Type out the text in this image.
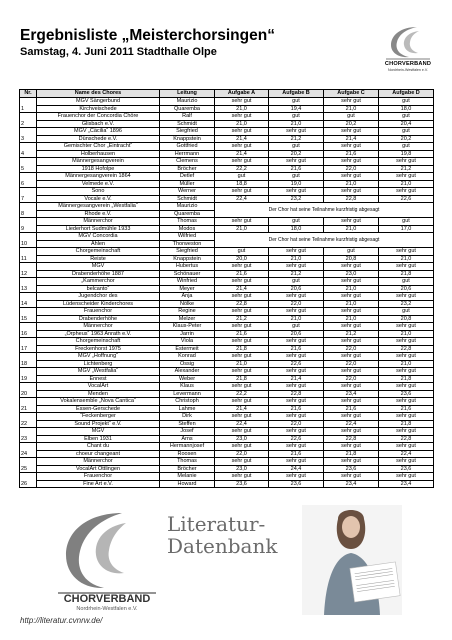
Ergebnisliste „Meisterchorsingen“
Samstag, 4. Juni 2011 Stadthalle Olpe
CHORVERBAND
Nordrhein-Westfalen e.V.
Nr.	Name des Chores	Leitung	Aufgabe A	Aufgabe B	Aufgabe C	Aufgabe D
1	MGV Sängerbund	Maurizio	sehr gut	gut	sehr gut	gut
	Kirchveischede	Quaremba	21,0	19,4	21,0	18,0
2	Frauenchor der Concordia Chöre	Ralf	sehr gut	gut	gut	gut
	Glisbach e.V.	Schmidt	21,0	21,0	20,2	20,4
3	MGV „Cäcilia“ 1896	Siegfried	sehr gut	sehr gut	sehr gut	gut
	Dünschede e.V.	Knappstein	21,4	21,2	21,4	20,2
4	Gemischter Chor „Eintracht“	Gottfried	sehr gut	gut	sehr gut	gut
	Holberhausen	Herrmann	21,4	20,2	21,6	19,8
5	Männergesangverein	Clemens	sehr gut	sehr gut	sehr gut	sehr gut
	1918 Hofolpe	Bröcher	22,2	21,6	22,0	21,2
6	Männergesangverein 1864	Detlef	gut	gut	sehr gut	sehr gut
	Velmede e.V.	Müller	18,8	19,0	21,0	21,0
7	Sono	Werner	sehr gut	sehr gut	sehr gut	sehr gut
	Vocale e.V.	Schmidt	22,4	23,2	22,8	22,6
8	Männergesangverein „Westfalia“	Maurizio	Der Chor hat seine Teilnahme kurzfristig abgesagt			
	Rhode e.V.	Quaremba				
9	Männerchor	Thomas	sehr gut	gut	sehr gut	gut
	Liederhort Sudmühle 1933	Modos	21,0	18,0	21,0	17,0
10	MGV Concordia	Wilfried	Der Chor hat seine Teilnahme kurzfristig abgesagt			
	Ahlen	Thorweston				
11	Chorgemeinschaft	Siegfried	gut	sehr gut	gut	sehr gut
	Reiste	Knappstein	20,0	21,0	20,8	21,0
12	MGV	Hubertus	sehr gut	sehr gut	sehr gut	sehr gut
	Drabenderhöhe 1887	Schönauer	21,6	21,2	23,0	21,8
13	„Kammerchor	Winfried	sehr gut	gut	sehr gut	gut
	belcanto“	Meyer	21,4	20,6	21,0	20,6
14	Jugendchor des	Anja	sehr gut	sehr gut	sehr gut	sehr gut
	Lüdenscheider Kinderchores	Nölke	22,8	22,0	21,0	23,2
15	Frauenchor	Regine	sehr gut	sehr gut	sehr gut	gut
	Drabenderhöhe	Melzer	21,2	21,0	21,0	20,8
16	Männerchor	Klaus-Peter	sehr gut	gut	sehr gut	sehr gut
	„Orpheus“ 1963 Anrath e.V.	Jarrin	21,6	20,6	21,2	21,0
17	Chorgemeinschaft	Viola	sehr gut	sehr gut	sehr gut	sehr gut
	Freckenhorst 1975	Estermeit	21,8	21,6	22,0	22,8
18	MGV „Hoffnung“	Konrad	sehr gut	sehr gut	sehr gut	sehr gut
	Lichtenberg	Ossig	21,0	22,6	22,0	21,0
19	MGV „Westfalia“	Alexander	sehr gut	sehr gut	sehr gut	sehr gut
	Ennest	Weber	21,8	21,4	22,0	21,8
20	VocalArt	Klaus	sehr gut	sehr gut	sehr gut	sehr gut
	Menden	Levermann	22,2	22,8	23,4	23,6
21	Vokalensemble „Nova Cantica“	Christoph	sehr gut	sehr gut	sehr gut	sehr gut
	Essen-Gerschede	Lahme	21,4	21,6	21,6	21,6
22	“Feckenberger	Dirk	sehr gut	sehr gut	sehr gut	sehr gut
	Sound Projekt“ e.V.	Steffen	22,4	22,0	22,4	21,8
23	MGV	Josef	sehr gut	sehr gut	sehr gut	sehr gut
	Elben 1931	Arns	23,0	22,6	22,8	22,8
24	Chant du	Hermannjosef	sehr gut	sehr gut	sehr gut	sehr gut
	choeur changeant	Roosen	22,0	21,6	21,8	22,4
25	Männerchor	Thomas	sehr gut	sehr gut	sehr gut	sehr gut
	VocalArt Ottlingen	Bröcher	23,0	24,4	23,6	23,6
26	Frauenchor	Melanie	sehr gut	sehr gut	sehr gut	sehr gut
	Fine Art e.V.	Howard	23,6	23,6	23,4	23,4
CHORVERBAND
Nordrhein-Westfalen e.V.
Literatur-
Datenbank
http://literatur.cvnrw.de/
